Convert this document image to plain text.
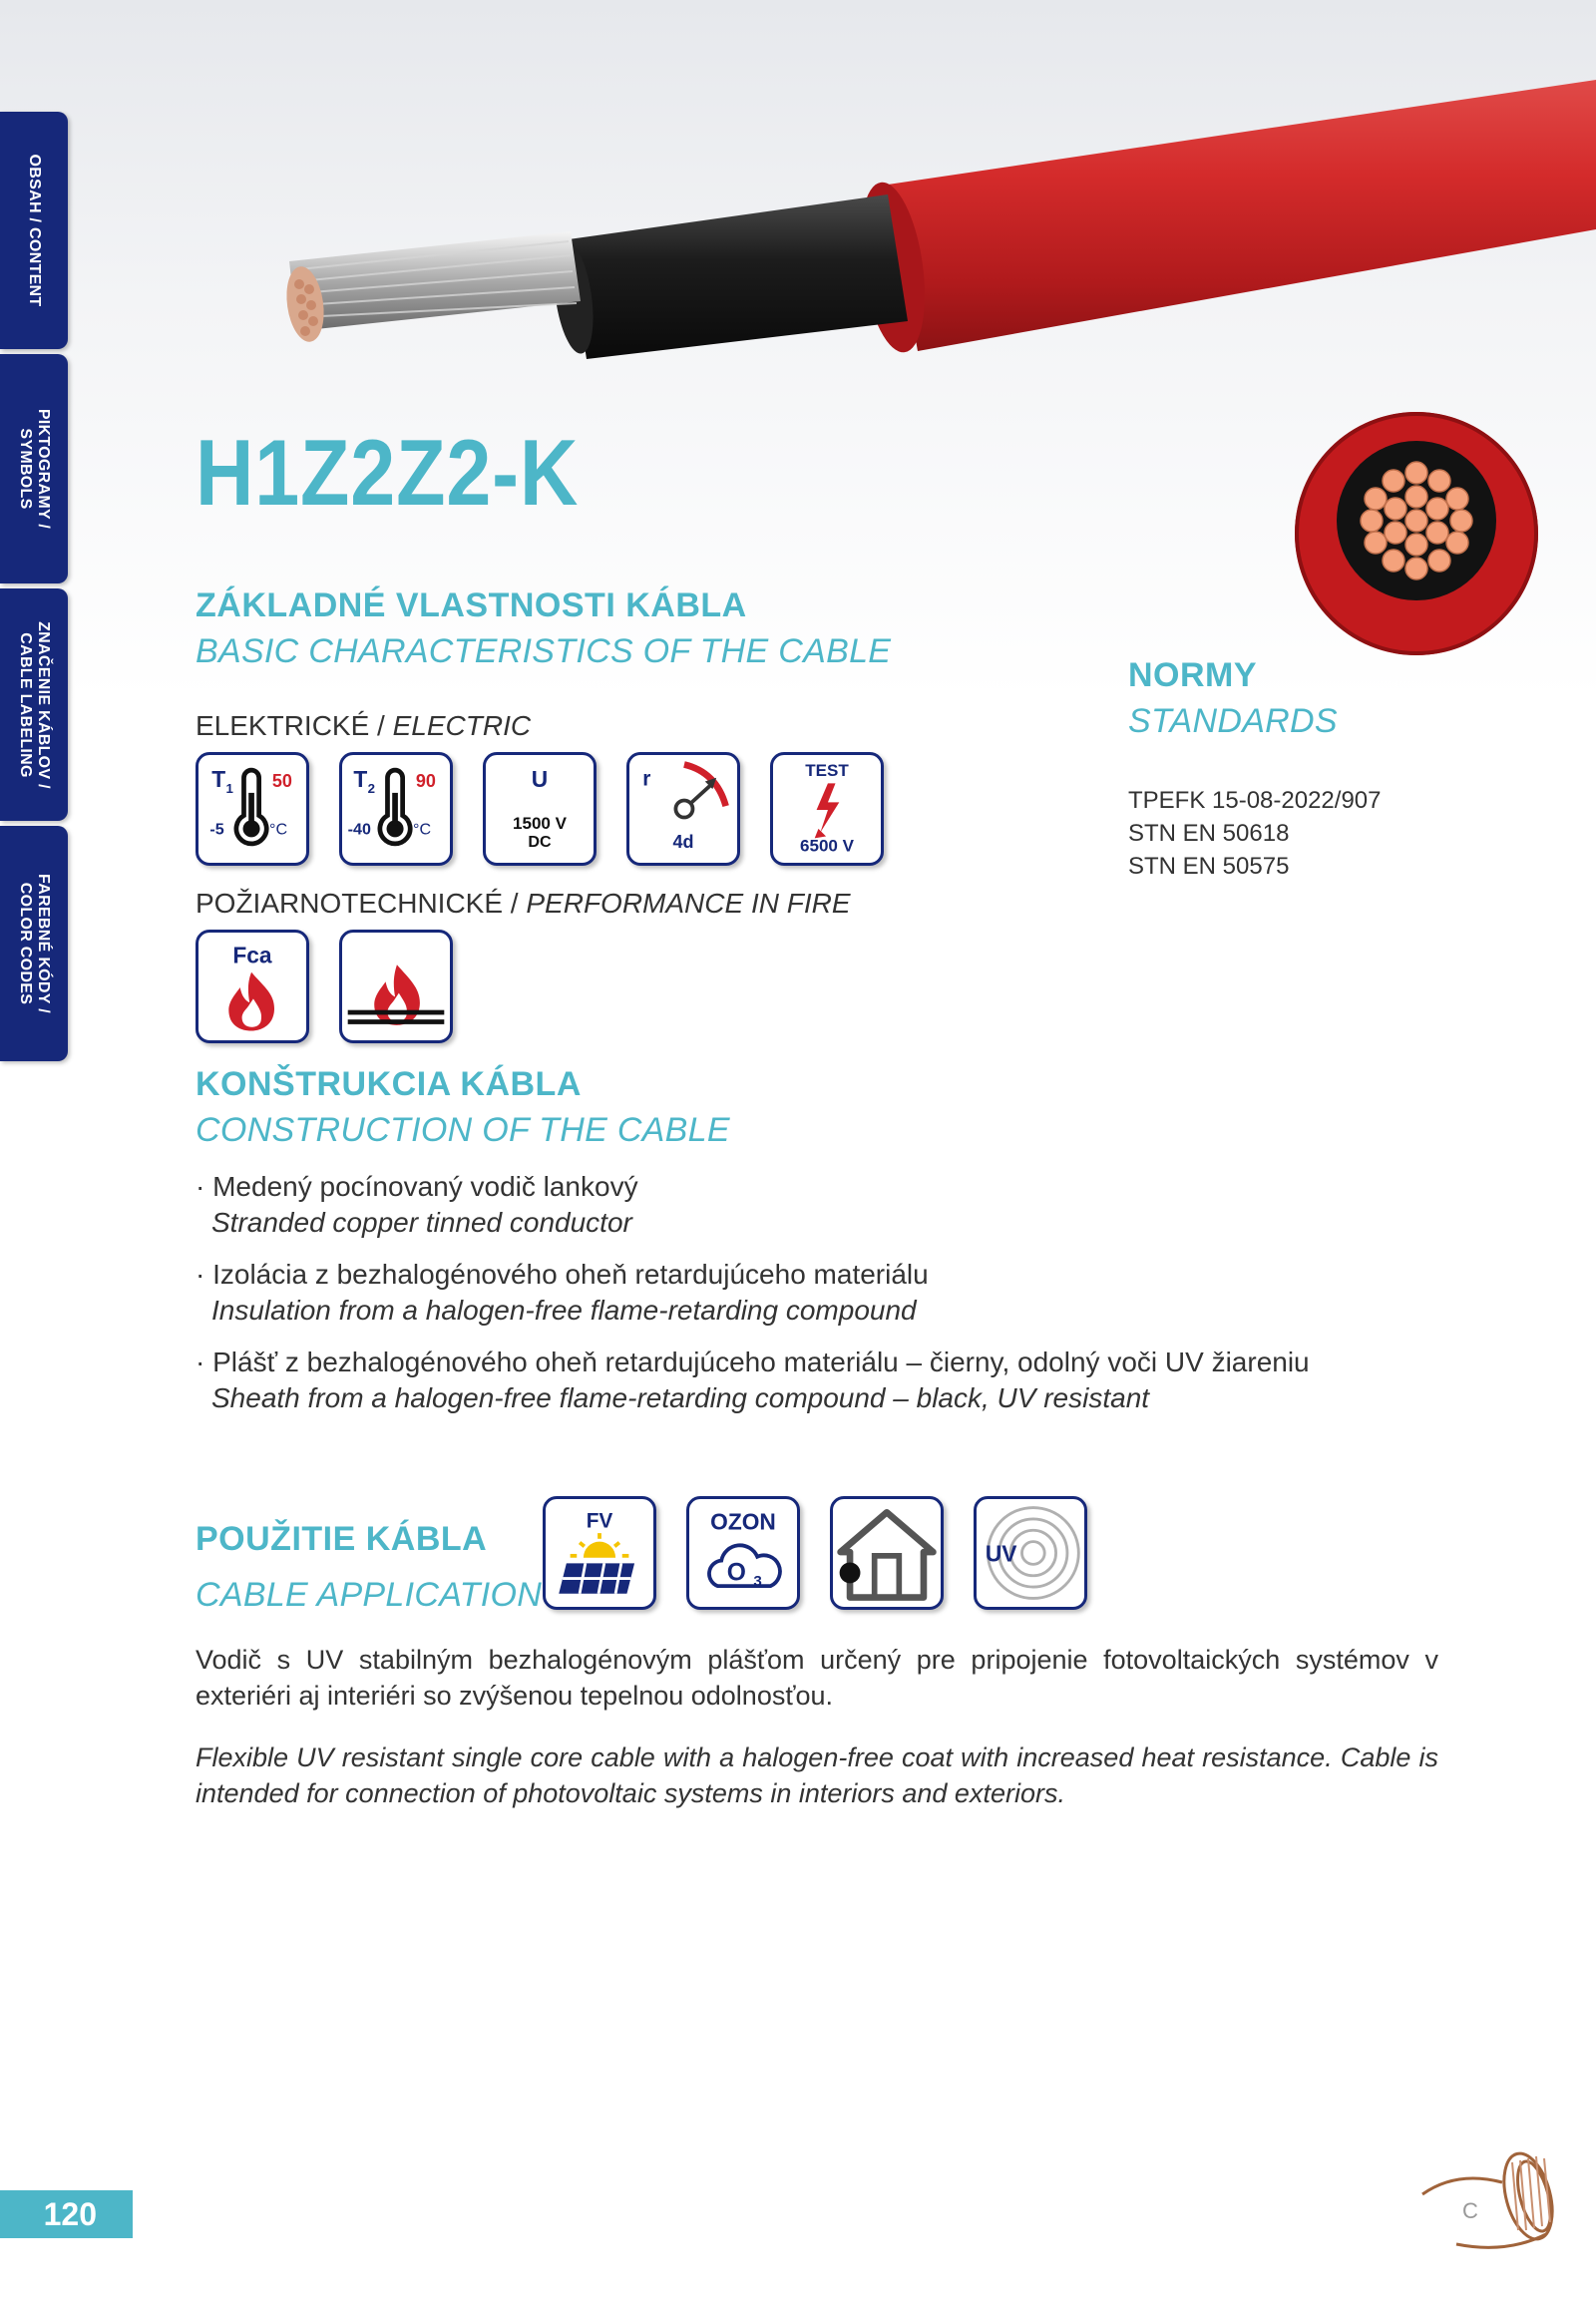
OBSAH / CONTENT
PIKTOGRAMY /
SYMBOLS
ZNAČENIE KÁBLOV /
CABLE LABELING
FAREBNÉ KÓDY /
COLOR CODES
H1Z2Z2-K
ZÁKLADNÉ VLASTNOSTI KÁBLA
BASIC CHARACTERISTICS OF THE CABLE
ELEKTRICKÉ / ELECTRIC
T 1 50
-5	°C
T 2 90
-40 °C
U
1500 V
DC
r
4d
TEST
6500 V
POŽIARNOTECHNICKÉ / PERFORMANCE IN FIRE
Fca
NORMY
STANDARDS
TPEFK 15-08-2022/907
STN EN 50618
STN EN 50575
KONŠTRUKCIA KÁBLA
CONSTRUCTION OF THE CABLE
· Medený pocínovaný vodič lankový
Stranded copper tinned conductor
· Izolácia z bezhalogénového oheň retardujúceho materiálu
Insulation from a halogen-free flame-retarding compound
· Plášť z bezhalogénového oheň retardujúceho materiálu – čierny, odolný voči UV žiareniu
Sheath from a halogen-free flame-retarding compound – black, UV resistant
POUŽITIE KÁBLA
CABLE APPLICATION
FV	OZON
O 3
UV
Vodič s UV stabilným bezhalogénovým plášťom určený pre pripojenie fotovoltaických systémov v exteriéri aj interiéri so zvýšenou tepelnou odolnosťou.
Flexible UV resistant single core cable with a halogen-free coat with increased heat resistance. Cable is intended for connection of photovoltaic systems in interiors and exteriors.
120	C
